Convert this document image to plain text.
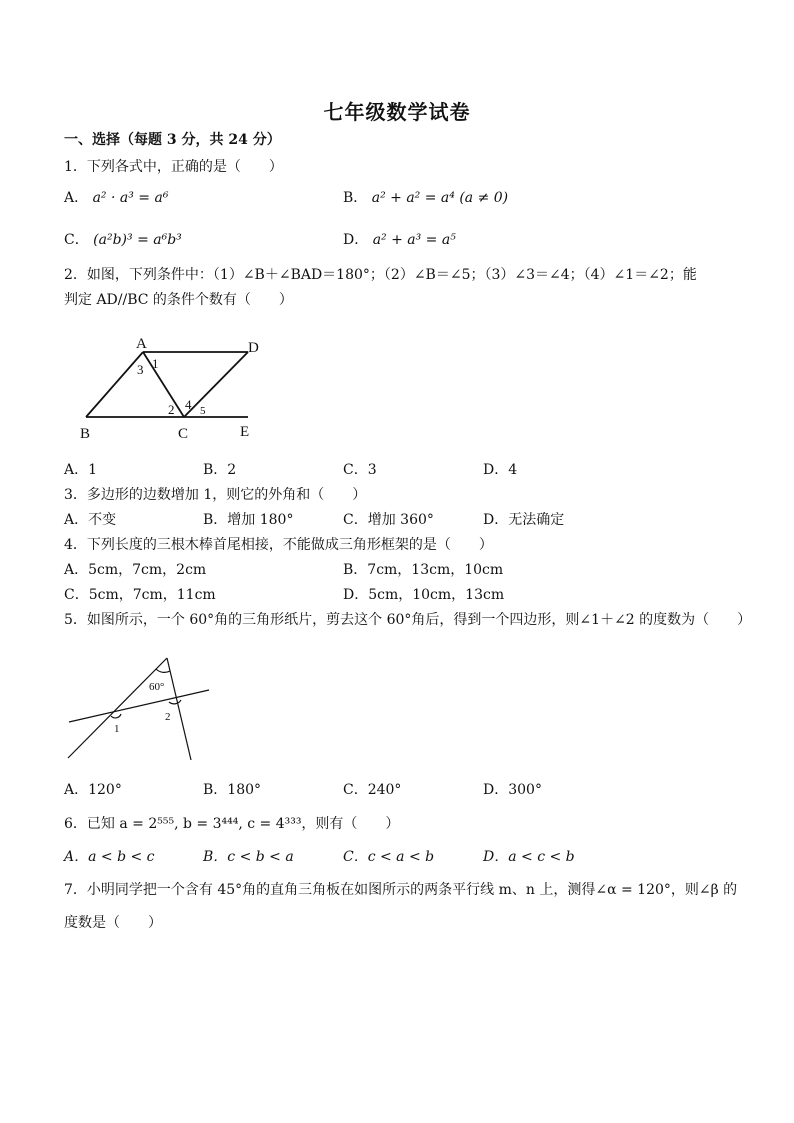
七年级数学试卷
一、选择（每题 3 分，共 24 分）
1．下列各式中，正确的是（　　）
A． a² · a³ = a⁶	B． a² + a² = a⁴ (a ≠ 0)
C． (a²b)³ = a⁶b³	D． a² + a³ = a⁵
2．如图，下列条件中：（1）∠B＋∠BAD＝180°；（2）∠B＝∠5；（3）∠3＝∠4；（4）∠1＝∠2；能
判定 AD//BC 的条件个数有（　　）
A	D
B	C	E
1
3
2 4 5
A．1	B．2	C．3	D．4
3．多边形的边数增加 1，则它的外角和（　　）
A．不变	B．增加 180°	C．增加 360°	D．无法确定
4．下列长度的三根木棒首尾相接，不能做成三角形框架的是（　　）
A．5cm，7cm，2cm	B．7cm，13cm，10cm
C．5cm，7cm，11cm	D．5cm，10cm，13cm
5．如图所示，一个 60°角的三角形纸片，剪去这个 60°角后，得到一个四边形，则∠1＋∠2 的度数为（　　）
60°
1
2
A．120°	B．180°	C．240°	D．300°
6．已知 a = 2⁵⁵⁵, b = 3⁴⁴⁴, c = 4³³³，则有（　　）
A．a < b < c	B．c < b < a	C．c < a < b	D．a < c < b
7．小明同学把一个含有 45°角的直角三角板在如图所示的两条平行线 m、n 上，测得∠α = 120°，则∠β 的
度数是（　　）
